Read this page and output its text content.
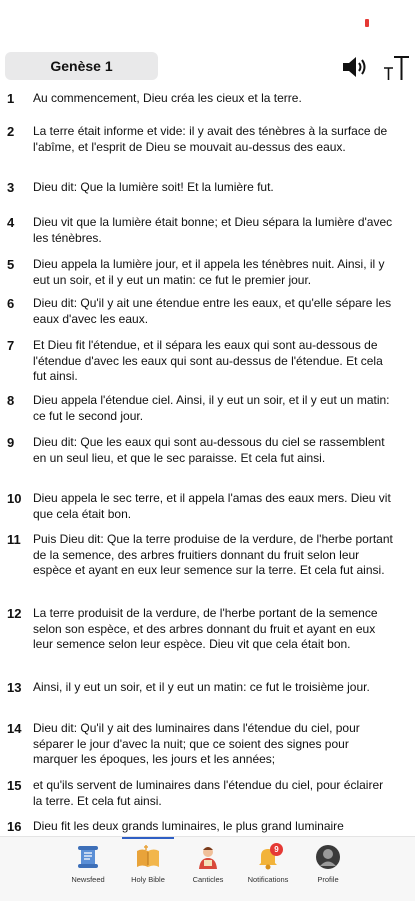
Genèse 1
1	Au commencement, Dieu créa les cieux et la terre.
2	La terre était informe et vide: il y avait des ténèbres à la surface de l'abîme, et l'esprit de Dieu se mouvait au-dessus des eaux.
3	Dieu dit: Que la lumière soit! Et la lumière fut.
4	Dieu vit que la lumière était bonne; et Dieu sépara la lumière d'avec les ténèbres.
5	Dieu appela la lumière jour, et il appela les ténèbres nuit. Ainsi, il y eut un soir, et il y eut un matin: ce fut le premier jour.
6	Dieu dit: Qu'il y ait une étendue entre les eaux, et qu'elle sépare les eaux d'avec les eaux.
7	Et Dieu fit l'étendue, et il sépara les eaux qui sont au-dessous de l'étendue d'avec les eaux qui sont au-dessus de l'étendue. Et cela fut ainsi.
8	Dieu appela l'étendue ciel. Ainsi, il y eut un soir, et il y eut un matin: ce fut le second jour.
9	Dieu dit: Que les eaux qui sont au-dessous du ciel se rassemblent en un seul lieu, et que le sec paraisse. Et cela fut ainsi.
10 Dieu appela le sec terre, et il appela l'amas des eaux mers. Dieu vit que cela était bon.
11	Puis Dieu dit: Que la terre produise de la verdure, de l'herbe portant de la semence, des arbres fruitiers donnant du fruit selon leur espèce et ayant en eux leur semence sur la terre. Et cela fut ainsi.
12 La terre produisit de la verdure, de l'herbe portant de la semence selon son espèce, et des arbres donnant du fruit et ayant en eux leur semence selon leur espèce. Dieu vit que cela était bon.
13 Ainsi, il y eut un soir, et il y eut un matin: ce fut le troisième jour.
14 Dieu dit: Qu'il y ait des luminaires dans l'étendue du ciel, pour séparer le jour d'avec la nuit; que ce soient des signes pour marquer les époques, les jours et les années;
15 et qu'ils servent de luminaires dans l'étendue du ciel, pour éclairer la terre. Et cela fut ainsi.
16 Dieu fit les deux grands luminaires, le plus grand luminaire
Newsfeed	Holy Bible	Canticles
9
Notifications	Profile
